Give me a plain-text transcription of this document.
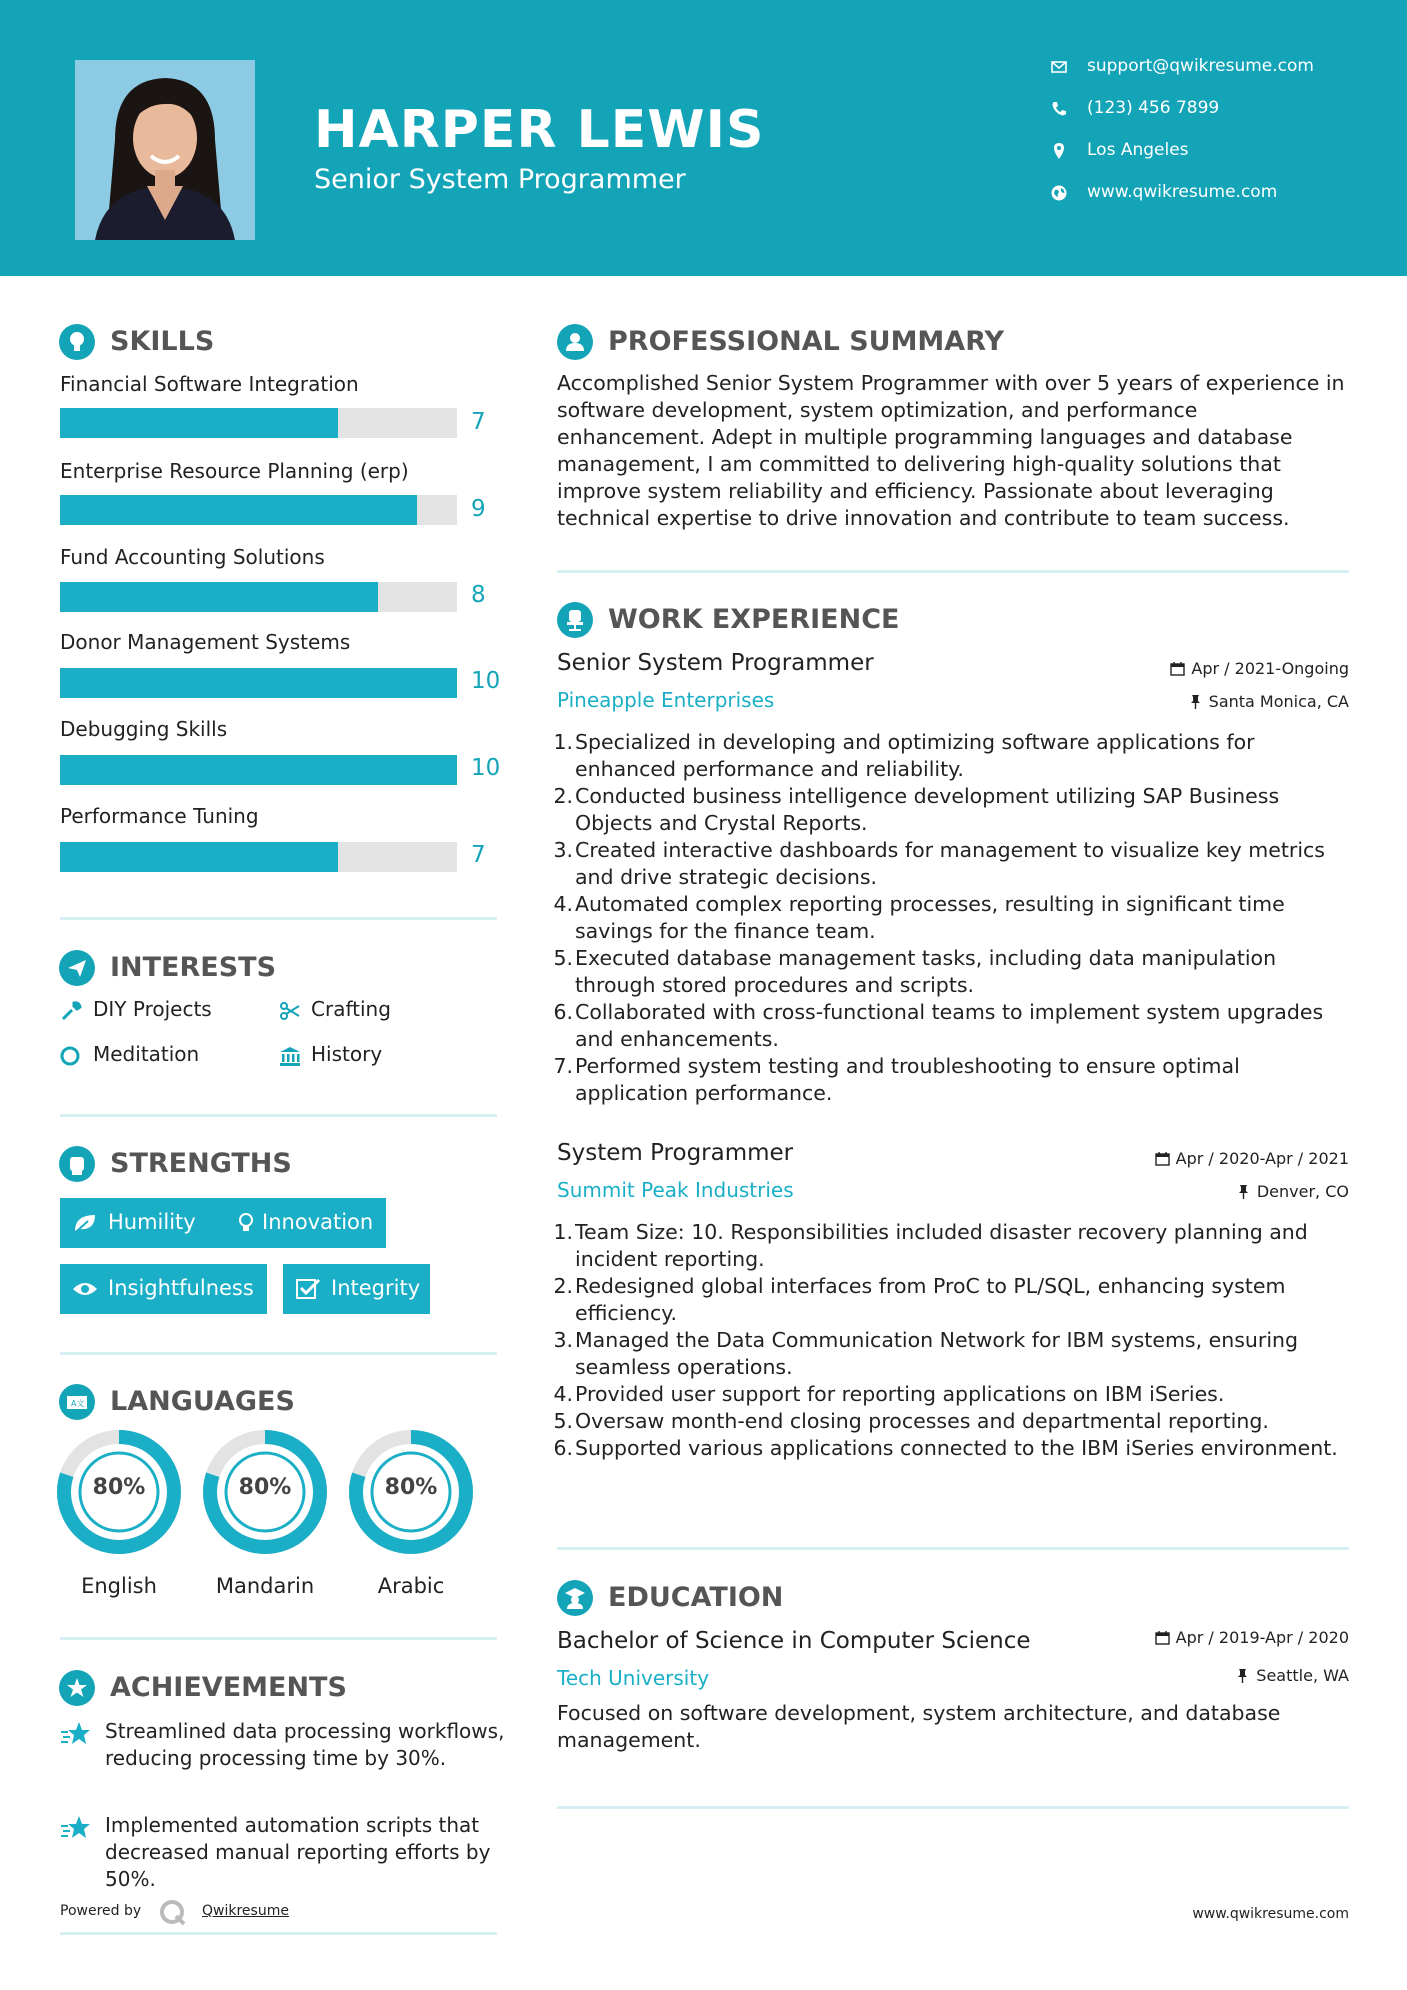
HARPER LEWIS
Senior System Programmer
support@qwikresume.com
(123) 456 7899
Los Angeles
www.qwikresume.com
SKILLS
Financial Software Integration
7
Enterprise Resource Planning (erp)
9
Fund Accounting Solutions
8
Donor Management Systems
10
Debugging Skills
10
Performance Tuning
7
INTERESTS
DIY Projects	Crafting
Meditation	History
STRENGTHS
Humility	Innovation
Insightfulness	Integrity
A文 LANGUAGES
80%
English
80%
Mandarin
80%
Arabic
ACHIEVEMENTS
Streamlined data processing workflows, reducing processing time by 30%.
Implemented automation scripts that decreased manual reporting efforts by 50%.
Powered by	Qwikresume
PROFESSIONAL SUMMARY
Accomplished Senior System Programmer with over 5 years of experience in software development, system optimization, and performance enhancement. Adept in multiple programming languages and database management, I am committed to delivering high-quality solutions that improve system reliability and efficiency. Passionate about leveraging technical expertise to drive innovation and contribute to team success.
WORK EXPERIENCE
Senior System Programmer	Apr / 2021-Ongoing
Pineapple Enterprises	Santa Monica, CA
1. Specialized in developing and optimizing software applications for enhanced performance and reliability.
2. Conducted business intelligence development utilizing SAP Business Objects and Crystal Reports.
3. Created interactive dashboards for management to visualize key metrics and drive strategic decisions.
4. Automated complex reporting processes, resulting in significant time savings for the finance team.
5. Executed database management tasks, including data manipulation through stored procedures and scripts.
6. Collaborated with cross-functional teams to implement system upgrades and enhancements.
7. Performed system testing and troubleshooting to ensure optimal application performance.
System Programmer	Apr / 2020-Apr / 2021
Summit Peak Industries	Denver, CO
1. Team Size: 10. Responsibilities included disaster recovery planning and incident reporting.
2. Redesigned global interfaces from ProC to PL/SQL, enhancing system efficiency.
3. Managed the Data Communication Network for IBM systems, ensuring seamless operations.
4. Provided user support for reporting applications on IBM iSeries.
5. Oversaw month-end closing processes and departmental reporting.
6. Supported various applications connected to the IBM iSeries environment.
EDUCATION
Bachelor of Science in Computer Science	Apr / 2019-Apr / 2020
Tech University	Seattle, WA
Focused on software development, system architecture, and database management.
www.qwikresume.com
